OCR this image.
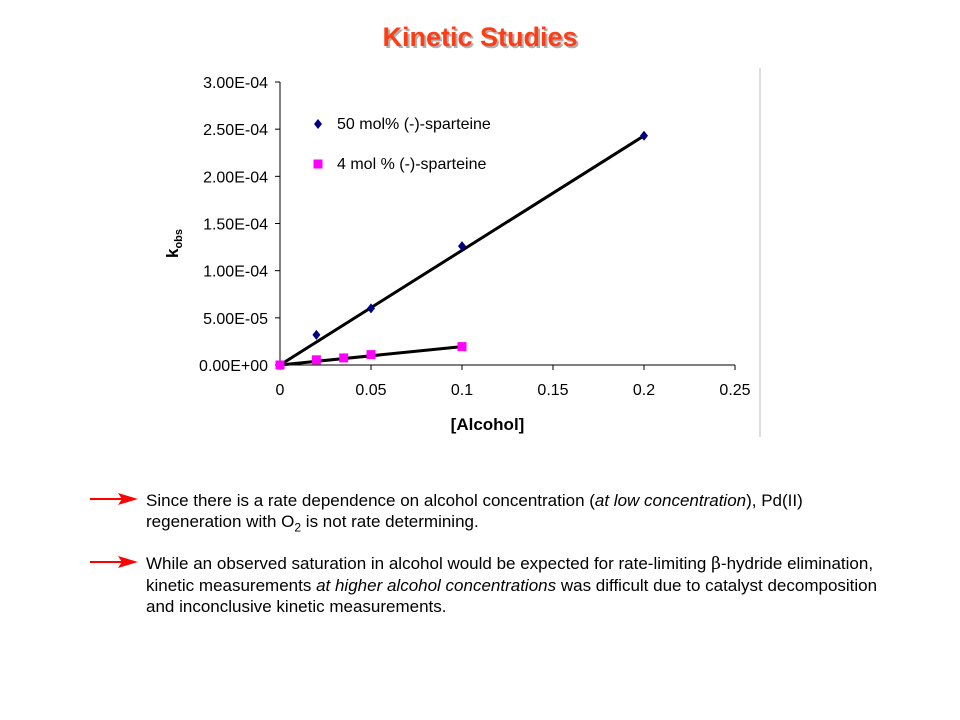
Kinetic Studies
0.00E+00
5.00E-05
1.00E-04
1.50E-04
2.00E-04
2.50E-04
3.00E-04
0	0.05	0.1	0.15	0.2	0.25
50 mol% (-)-sparteine
4 mol % (-)-sparteine
$k_{obs}$
[Alcohol]
Since there is a rate dependence on alcohol concentration (at low concentration), Pd(II) regeneration with $O_2$ is not rate determining.
While an observed saturation in alcohol would be expected for rate-limiting β-hydride elimination, kinetic measurements at higher alcohol concentrations was difficult due to catalyst decomposition and inconclusive kinetic measurements.
